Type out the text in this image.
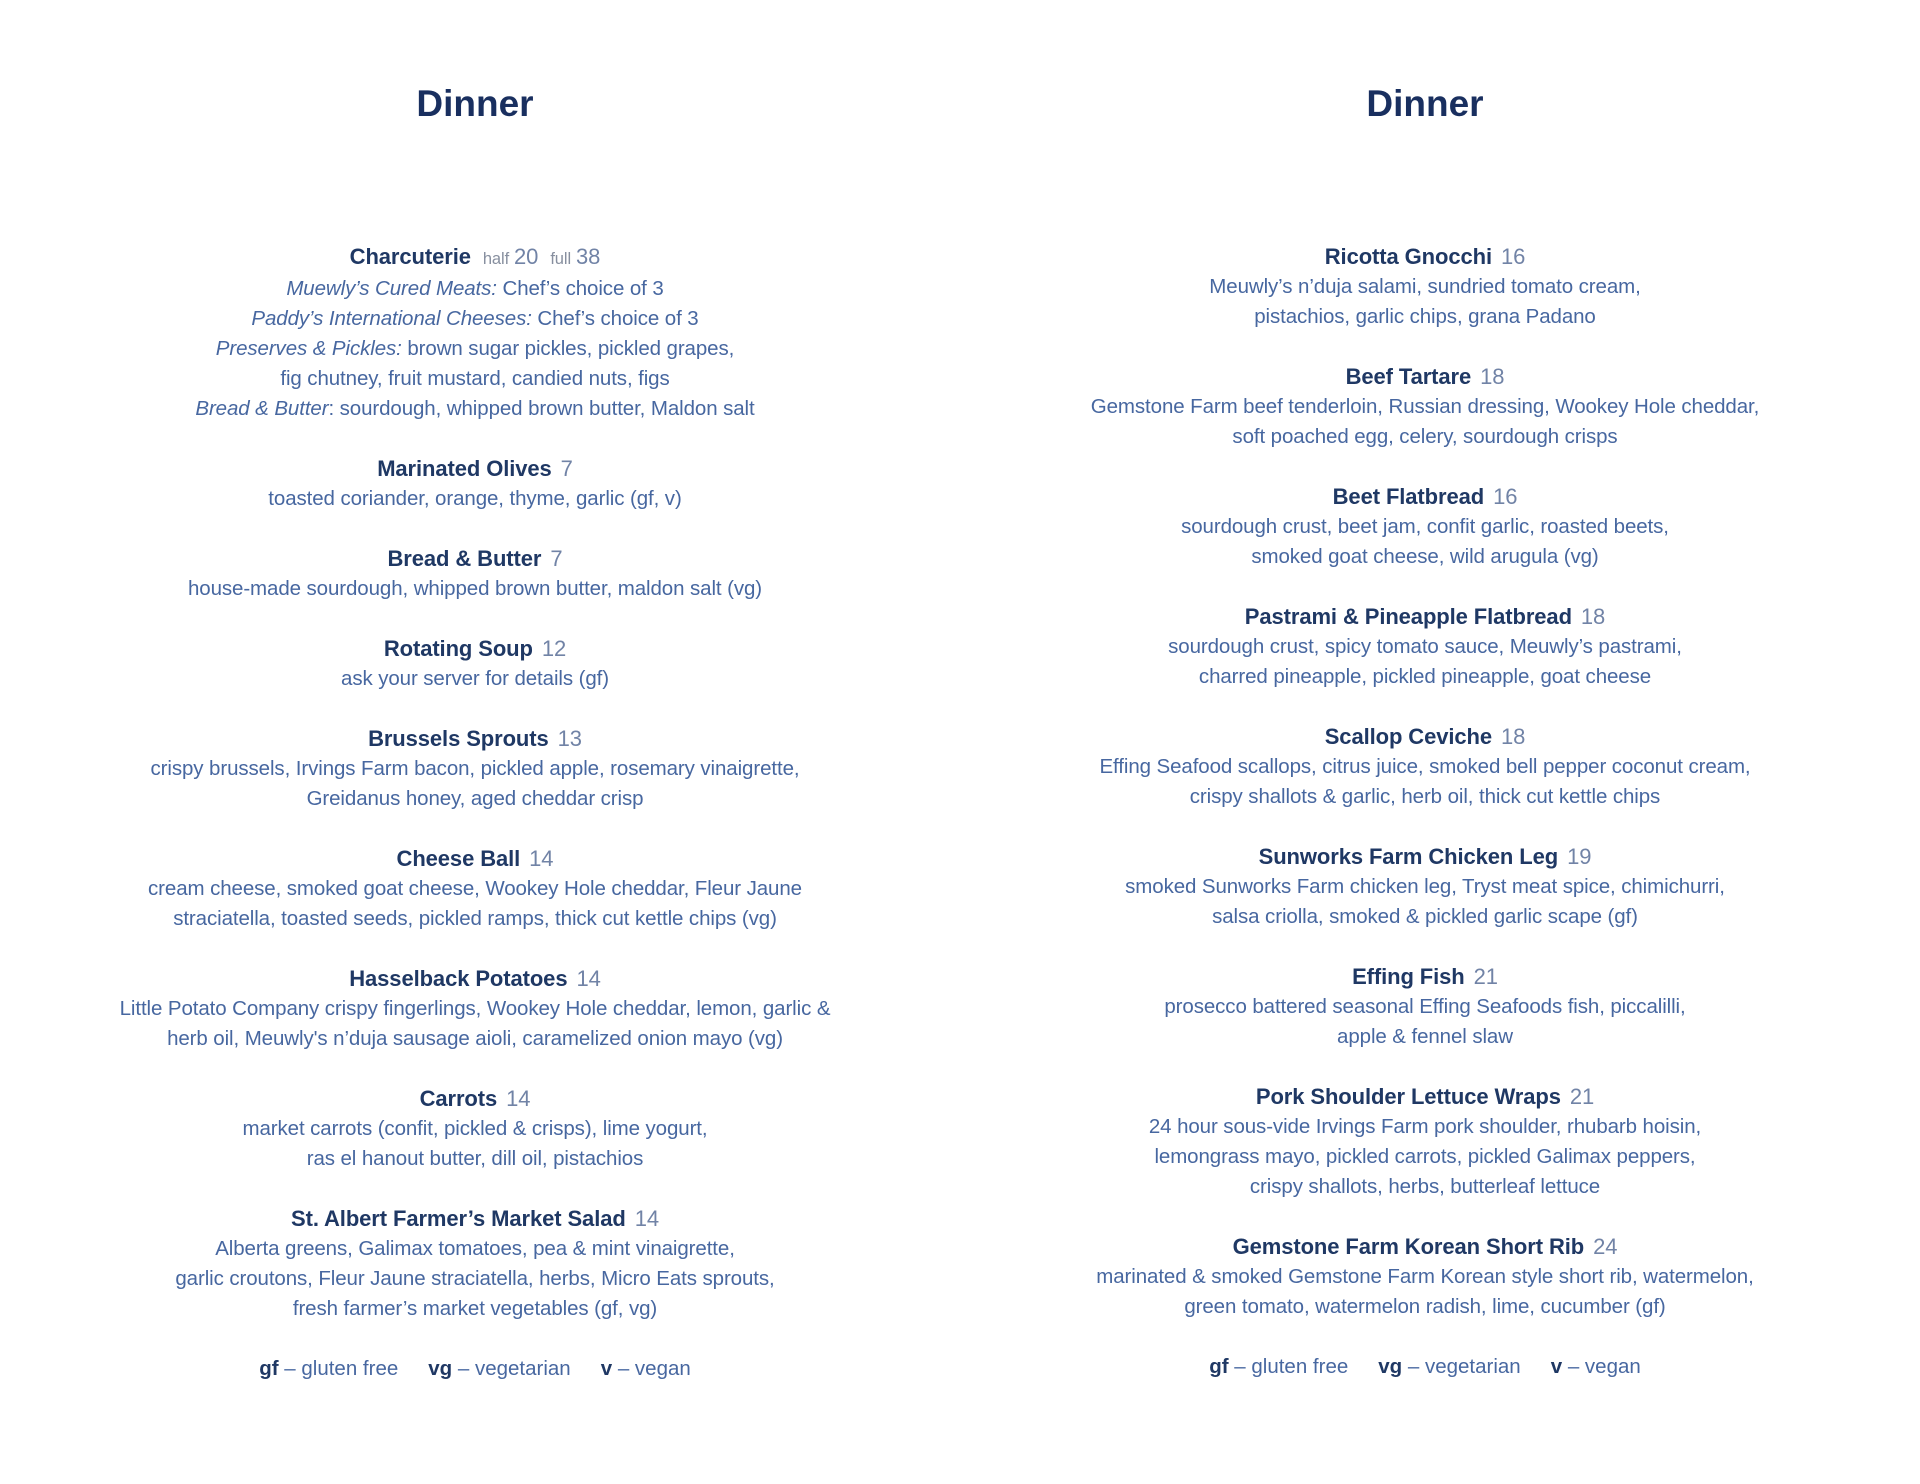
Dinner
Charcuterie half 20 full 38
Muewly’s Cured Meats: Chef’s choice of 3
Paddy’s International Cheeses: Chef’s choice of 3
Preserves & Pickles: brown sugar pickles, pickled grapes,
fig chutney, fruit mustard, candied nuts, figs
Bread & Butter: sourdough, whipped brown butter, Maldon salt
Marinated Olives 7
toasted coriander, orange, thyme, garlic (gf, v)
Bread & Butter 7
house-made sourdough, whipped brown butter, maldon salt (vg)
Rotating Soup 12
ask your server for details (gf)
Brussels Sprouts 13
crispy brussels, Irvings Farm bacon, pickled apple, rosemary vinaigrette,
Greidanus honey, aged cheddar crisp
Cheese Ball 14
cream cheese, smoked goat cheese, Wookey Hole cheddar, Fleur Jaune
straciatella, toasted seeds, pickled ramps, thick cut kettle chips (vg)
Hasselback Potatoes 14
Little Potato Company crispy fingerlings, Wookey Hole cheddar, lemon, garlic &
herb oil, Meuwly's n’duja sausage aioli, caramelized onion mayo (vg)
Carrots 14
market carrots (confit, pickled & crisps), lime yogurt,
ras el hanout butter, dill oil, pistachios
St. Albert Farmer’s Market Salad 14
Alberta greens, Galimax tomatoes, pea & mint vinaigrette,
garlic croutons, Fleur Jaune straciatella, herbs, Micro Eats sprouts,
fresh farmer’s market vegetables (gf, vg)
gf – gluten free vg – vegetarian v – vegan
Dinner
Ricotta Gnocchi 16
Meuwly’s n’duja salami, sundried tomato cream,
pistachios, garlic chips, grana Padano
Beef Tartare 18
Gemstone Farm beef tenderloin, Russian dressing, Wookey Hole cheddar,
soft poached egg, celery, sourdough crisps
Beet Flatbread 16
sourdough crust, beet jam, confit garlic, roasted beets,
smoked goat cheese, wild arugula (vg)
Pastrami & Pineapple Flatbread 18
sourdough crust, spicy tomato sauce, Meuwly’s pastrami,
charred pineapple, pickled pineapple, goat cheese
Scallop Ceviche 18
Effing Seafood scallops, citrus juice, smoked bell pepper coconut cream,
crispy shallots & garlic, herb oil, thick cut kettle chips
Sunworks Farm Chicken Leg 19
smoked Sunworks Farm chicken leg, Tryst meat spice, chimichurri,
salsa criolla, smoked & pickled garlic scape (gf)
Effing Fish 21
prosecco battered seasonal Effing Seafoods fish, piccalilli,
apple & fennel slaw
Pork Shoulder Lettuce Wraps 21
24 hour sous-vide Irvings Farm pork shoulder, rhubarb hoisin,
lemongrass mayo, pickled carrots, pickled Galimax peppers,
crispy shallots, herbs, butterleaf lettuce
Gemstone Farm Korean Short Rib 24
marinated & smoked Gemstone Farm Korean style short rib, watermelon,
green tomato, watermelon radish, lime, cucumber (gf)
gf – gluten free vg – vegetarian v – vegan
